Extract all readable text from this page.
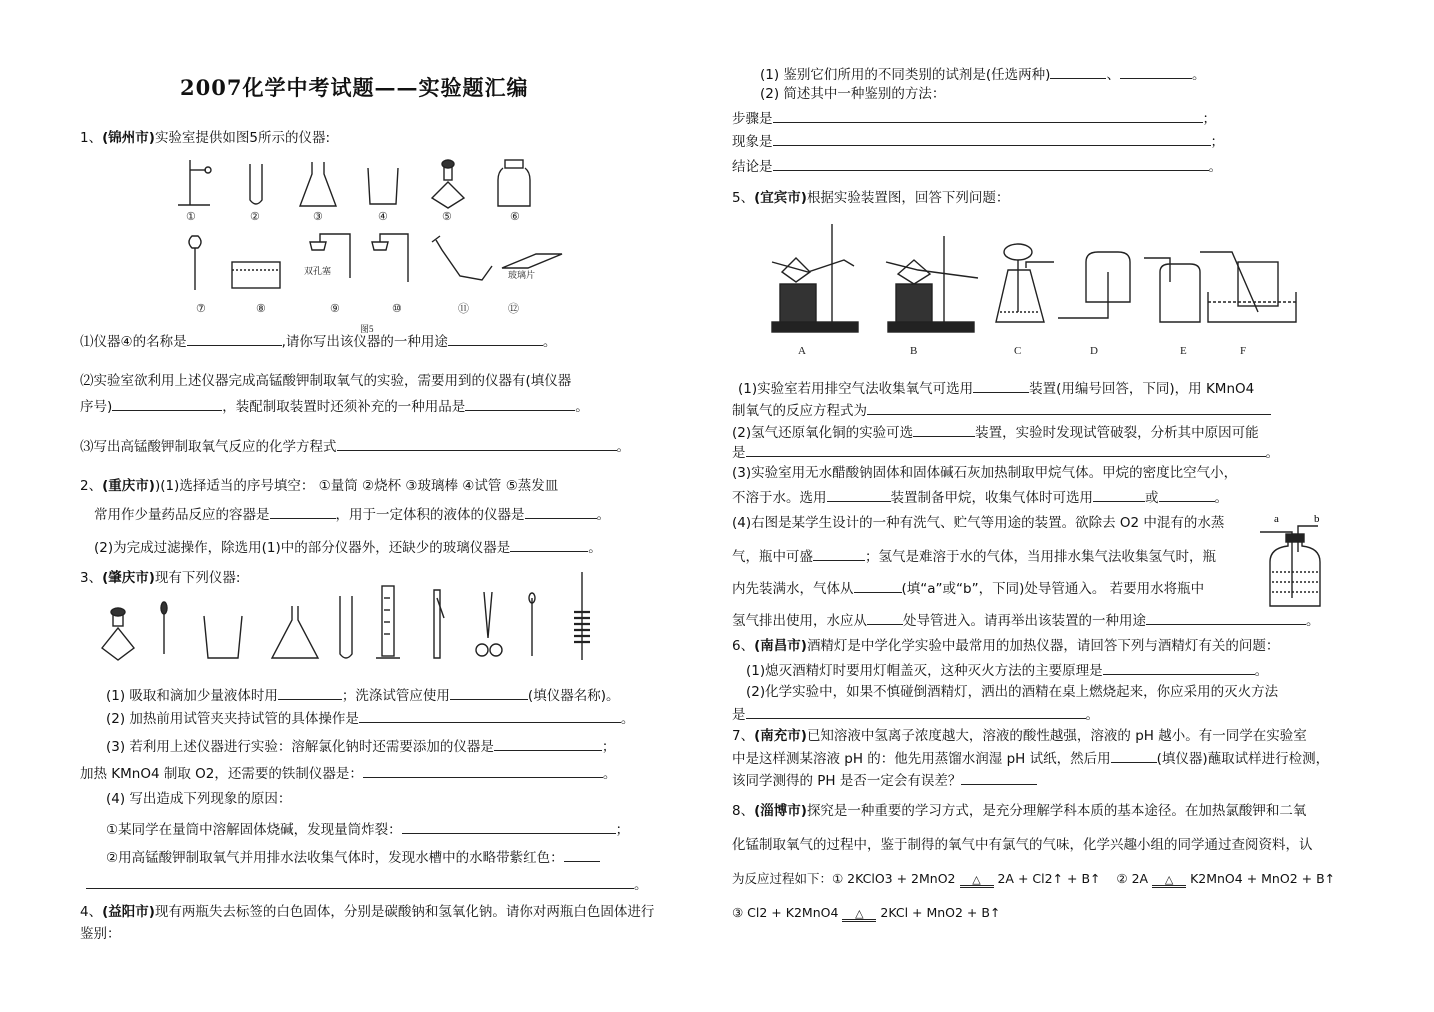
2007化学中考试题——实验题汇编
1、(锦州市)实验室提供如图5所示的仪器:
①	②	③	④	⑤	⑥
⑦	⑧	⑨	⑩	⑪	⑫
双孔塞	玻璃片
图5
⑴仪器④的名称是	,请你写出该仪器的一种用途	。
⑵实验室欲利用上述仪器完成高锰酸钾制取氧气的实验，需要用到的仪器有(填仪器
序号)	，装配制取装置时还须补充的一种用品是	。
⑶写出高锰酸钾制取氧气反应的化学方程式	。
2、(重庆市))(1)选择适当的序号填空： ①量筒 ②烧杯 ③玻璃棒 ④试管 ⑤蒸发皿
常用作少量药品反应的容器是	，用于一定体积的液体的仪器是	。
(2)为完成过滤操作，除选用(1)中的部分仪器外，还缺少的玻璃仪器是	。
3、(肇庆市)现有下列仪器:
(1) 吸取和滴加少量液体时用	；洗涤试管应使用	(填仪器名称)。
(2) 加热前用试管夹夹持试管的具体操作是	。
(3) 若利用上述仪器进行实验：溶解氯化钠时还需要添加的仪器是	；
加热 KMnO4 制取 O2，还需要的铁制仪器是：	。
(4) 写出造成下列现象的原因：
①某同学在量筒中溶解固体烧碱，发现量筒炸裂：	；
②用高锰酸钾制取氧气并用排水法收集气体时，发现水槽中的水略带紫红色：
。
4、(益阳市)现有两瓶失去标签的白色固体，分别是碳酸钠和氢氧化钠。请你对两瓶白色固体进行
鉴别：
(1) 鉴别它们所用的不同类别的试剂是(任选两种)	、	。
(2) 简述其中一种鉴别的方法：
步骤是	；
现象是	；
结论是	。
5、(宜宾市)根据实验装置图，回答下列问题：
A	B	C	D	E	F
(1)实验室若用排空气法收集氧气可选用	装置(用编号回答，下同)，用 KMnO4
制氧气的反应方程式为
(2)氢气还原氧化铜的实验可选	装置，实验时发现试管破裂，分析其中原因可能
是	。
(3)实验室用无水醋酸钠固体和固体碱石灰加热制取甲烷气体。甲烷的密度比空气小，
不溶于水。选用	装置制备甲烷，收集气体时可选用	或	。
(4)右图是某学生设计的一种有洗气、贮气等用途的装置。欲除去 O2 中混有的水蒸
气，瓶中可盛	；氢气是难溶于水的气体，当用排水集气法收集氢气时，瓶
内先装满水，气体从	(填“a”或“b”，下同)处导管通入。 若要用水将瓶中
氢气排出使用，水应从	处导管进入。请再举出该装置的一种用途	。
a	b
6、(南昌市)酒精灯是中学化学实验中最常用的加热仪器，请回答下列与酒精灯有关的问题：
(1)熄灭酒精灯时要用灯帽盖灭，这种灭火方法的主要原理是	。
(2)化学实验中，如果不慎碰倒酒精灯，洒出的酒精在桌上燃烧起来，你应采用的灭火方法
是	。
7、(南充市)已知溶液中氢离子浓度越大，溶液的酸性越强，溶液的 pH 越小。有一同学在实验室
中是这样测某溶液 pH 的：他先用蒸馏水润湿 pH 试纸，然后用	(填仪器)蘸取试样进行检测，
该同学测得的 PH 是否一定会有误差？
8、(淄博市)探究是一种重要的学习方式，是充分理解学科本质的基本途径。在加热氯酸钾和二氧
化锰制取氧气的过程中，鉴于制得的氧气中有氯气的气味，化学兴趣小组的同学通过查阅资料，认
为反应过程如下：① 2KClO3 + 2MnO2 △ 2A + Cl2↑ + B↑ ② 2A △ K2MnO4 + MnO2 + B↑
③ Cl2 + K2MnO4 △ 2KCl + MnO2 + B↑
